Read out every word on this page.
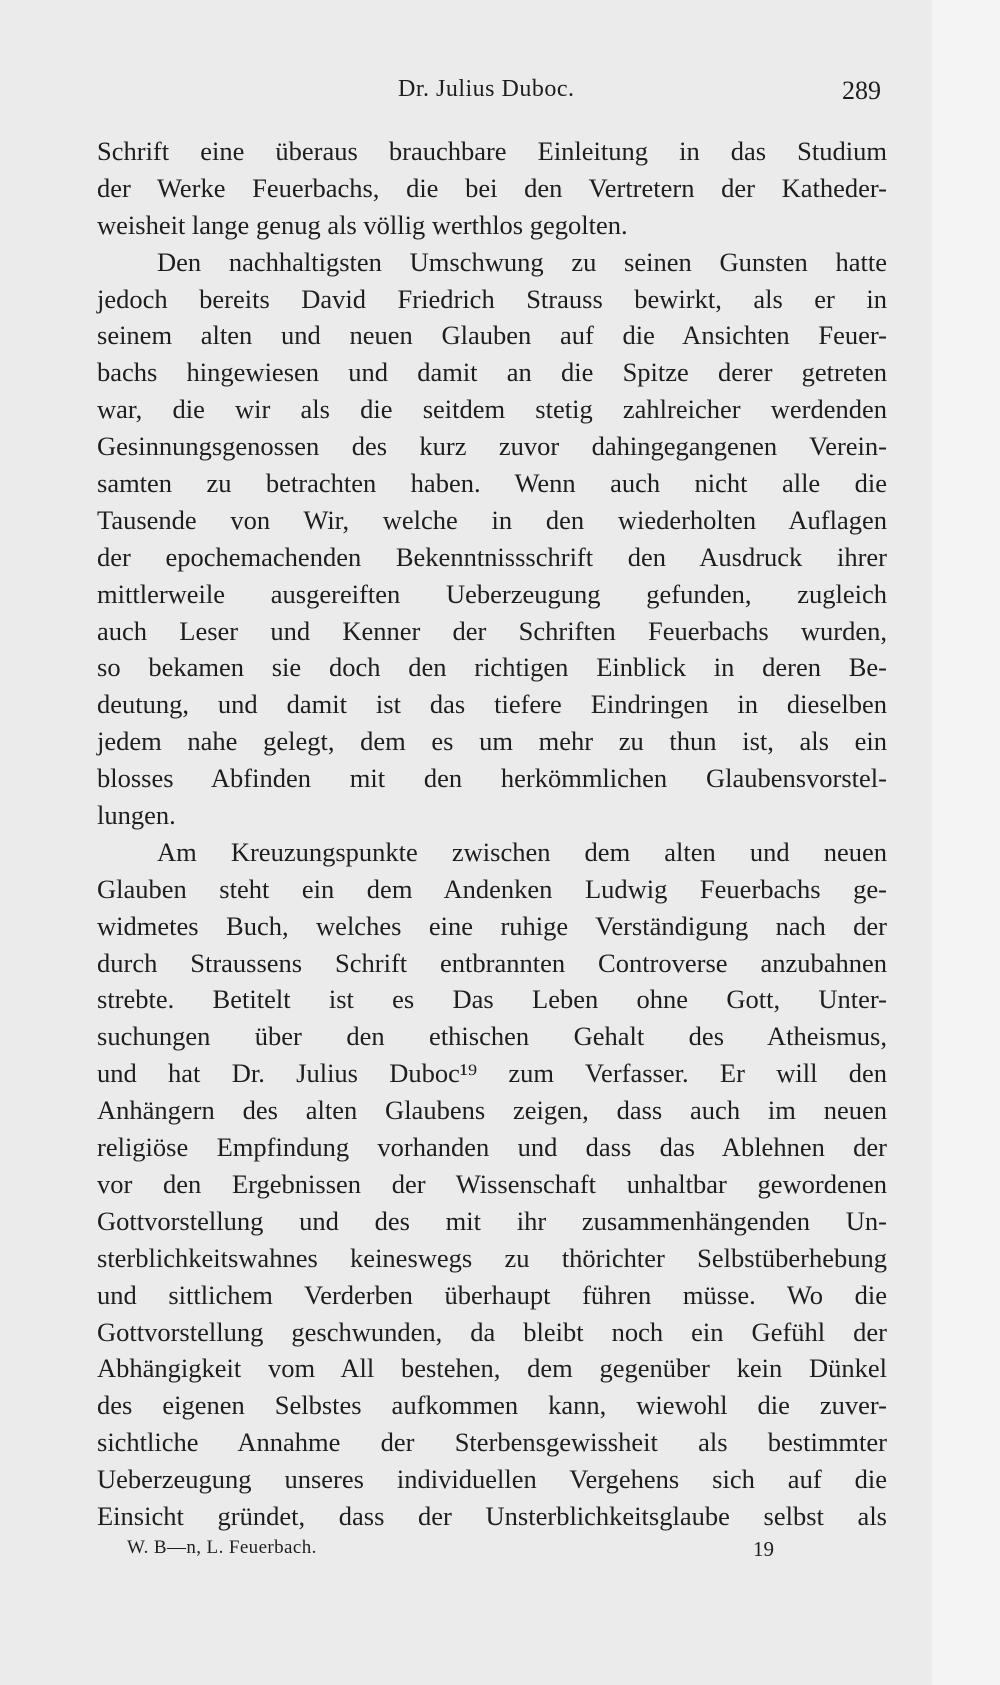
Dr. Julius Duboc.	289
Schrift eine überaus brauchbare Einleitung in das Studium
der Werke Feuerbachs, die bei den Vertretern der Katheder-
weisheit lange genug als völlig werthlos gegolten.
Den nachhaltigsten Umschwung zu seinen Gunsten hatte
jedoch bereits David Friedrich Strauss bewirkt, als er in
seinem alten und neuen Glauben auf die Ansichten Feuer-
bachs hingewiesen und damit an die Spitze derer getreten
war, die wir als die seitdem stetig zahlreicher werdenden
Gesinnungsgenossen des kurz zuvor dahingegangenen Verein-
samten zu betrachten haben. Wenn auch nicht alle die
Tausende von Wir, welche in den wiederholten Auflagen
der epochemachenden Bekenntnissschrift den Ausdruck ihrer
mittlerweile ausgereiften Ueberzeugung gefunden, zugleich
auch Leser und Kenner der Schriften Feuerbachs wurden,
so bekamen sie doch den richtigen Einblick in deren Be-
deutung, und damit ist das tiefere Eindringen in dieselben
jedem nahe gelegt, dem es um mehr zu thun ist, als ein
blosses Abfinden mit den herkömmlichen Glaubensvorstel-
lungen.
Am Kreuzungspunkte zwischen dem alten und neuen
Glauben steht ein dem Andenken Ludwig Feuerbachs ge-
widmetes Buch, welches eine ruhige Verständigung nach der
durch Straussens Schrift entbrannten Controverse anzubahnen
strebte. Betitelt ist es Das Leben ohne Gott, Unter-
suchungen über den ethischen Gehalt des Atheismus,
und hat Dr. Julius Duboc¹⁹ zum Verfasser. Er will den
Anhängern des alten Glaubens zeigen, dass auch im neuen
religiöse Empfindung vorhanden und dass das Ablehnen der
vor den Ergebnissen der Wissenschaft unhaltbar gewordenen
Gottvorstellung und des mit ihr zusammenhängenden Un-
sterblichkeitswahnes keineswegs zu thörichter Selbstüberhebung
und sittlichem Verderben überhaupt führen müsse. Wo die
Gottvorstellung geschwunden, da bleibt noch ein Gefühl der
Abhängigkeit vom All bestehen, dem gegenüber kein Dünkel
des eigenen Selbstes aufkommen kann, wiewohl die zuver-
sichtliche Annahme der Sterbensgewissheit als bestimmter
Ueberzeugung unseres individuellen Vergehens sich auf die
Einsicht gründet, dass der Unsterblichkeitsglaube selbst als
W. B—n, L. Feuerbach.	19
